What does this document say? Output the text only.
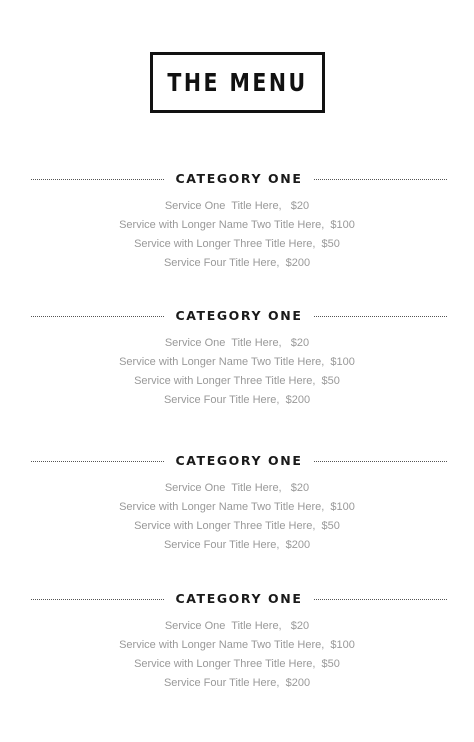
THE MENU
CATEGORY ONE
Service One  Title Here,   $20
Service with Longer Name Two Title Here,  $100
Service with Longer Three Title Here,  $50
Service Four Title Here,  $200
CATEGORY ONE
Service One  Title Here,   $20
Service with Longer Name Two Title Here,  $100
Service with Longer Three Title Here,  $50
Service Four Title Here,  $200
CATEGORY ONE
Service One  Title Here,   $20
Service with Longer Name Two Title Here,  $100
Service with Longer Three Title Here,  $50
Service Four Title Here,  $200
CATEGORY ONE
Service One  Title Here,   $20
Service with Longer Name Two Title Here,  $100
Service with Longer Three Title Here,  $50
Service Four Title Here,  $200
